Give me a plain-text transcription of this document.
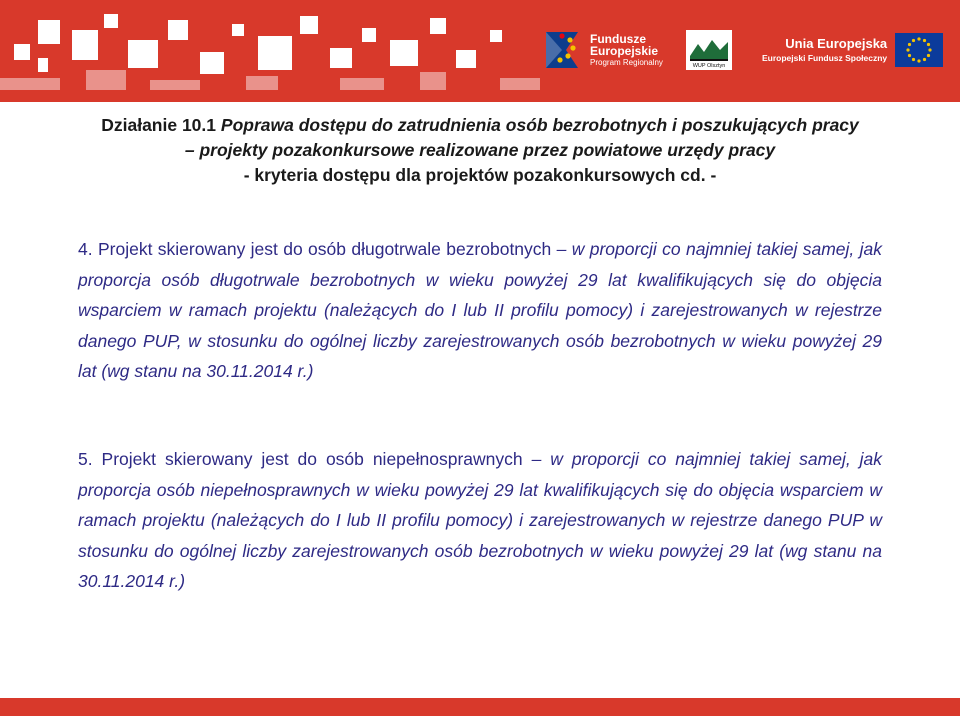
Fundusze
Europejskie
Program Regionalny	WUP Olsztyn
Unia Europejska
Europejski Fundusz Społeczny
Działanie 10.1 Poprawa dostępu do zatrudnienia osób bezrobotnych i poszukujących pracy
– projekty pozakonkursowe realizowane przez powiatowe urzędy pracy
- kryteria dostępu dla projektów pozakonkursowych cd. -
4. Projekt skierowany jest do osób długotrwale bezrobotnych – w proporcji co najmniej takiej samej, jak proporcja osób długotrwale bezrobotnych w wieku powyżej 29 lat kwalifikujących się do objęcia wsparciem w ramach projektu (należących do I lub II profilu pomocy) i zarejestrowanych w rejestrze danego PUP, w stosunku do ogólnej liczby zarejestrowanych osób bezrobotnych w wieku powyżej 29 lat (wg stanu na 30.11.2014 r.)
5. Projekt skierowany jest do osób niepełnosprawnych – w proporcji co najmniej takiej samej, jak proporcja osób niepełnosprawnych w wieku powyżej 29 lat kwalifikujących się do objęcia wsparciem w ramach projektu (należących do I lub II profilu pomocy) i zarejestrowanych w rejestrze danego PUP w stosunku do ogólnej liczby zarejestrowanych osób bezrobotnych w wieku powyżej 29 lat (wg stanu na 30.11.2014 r.)
